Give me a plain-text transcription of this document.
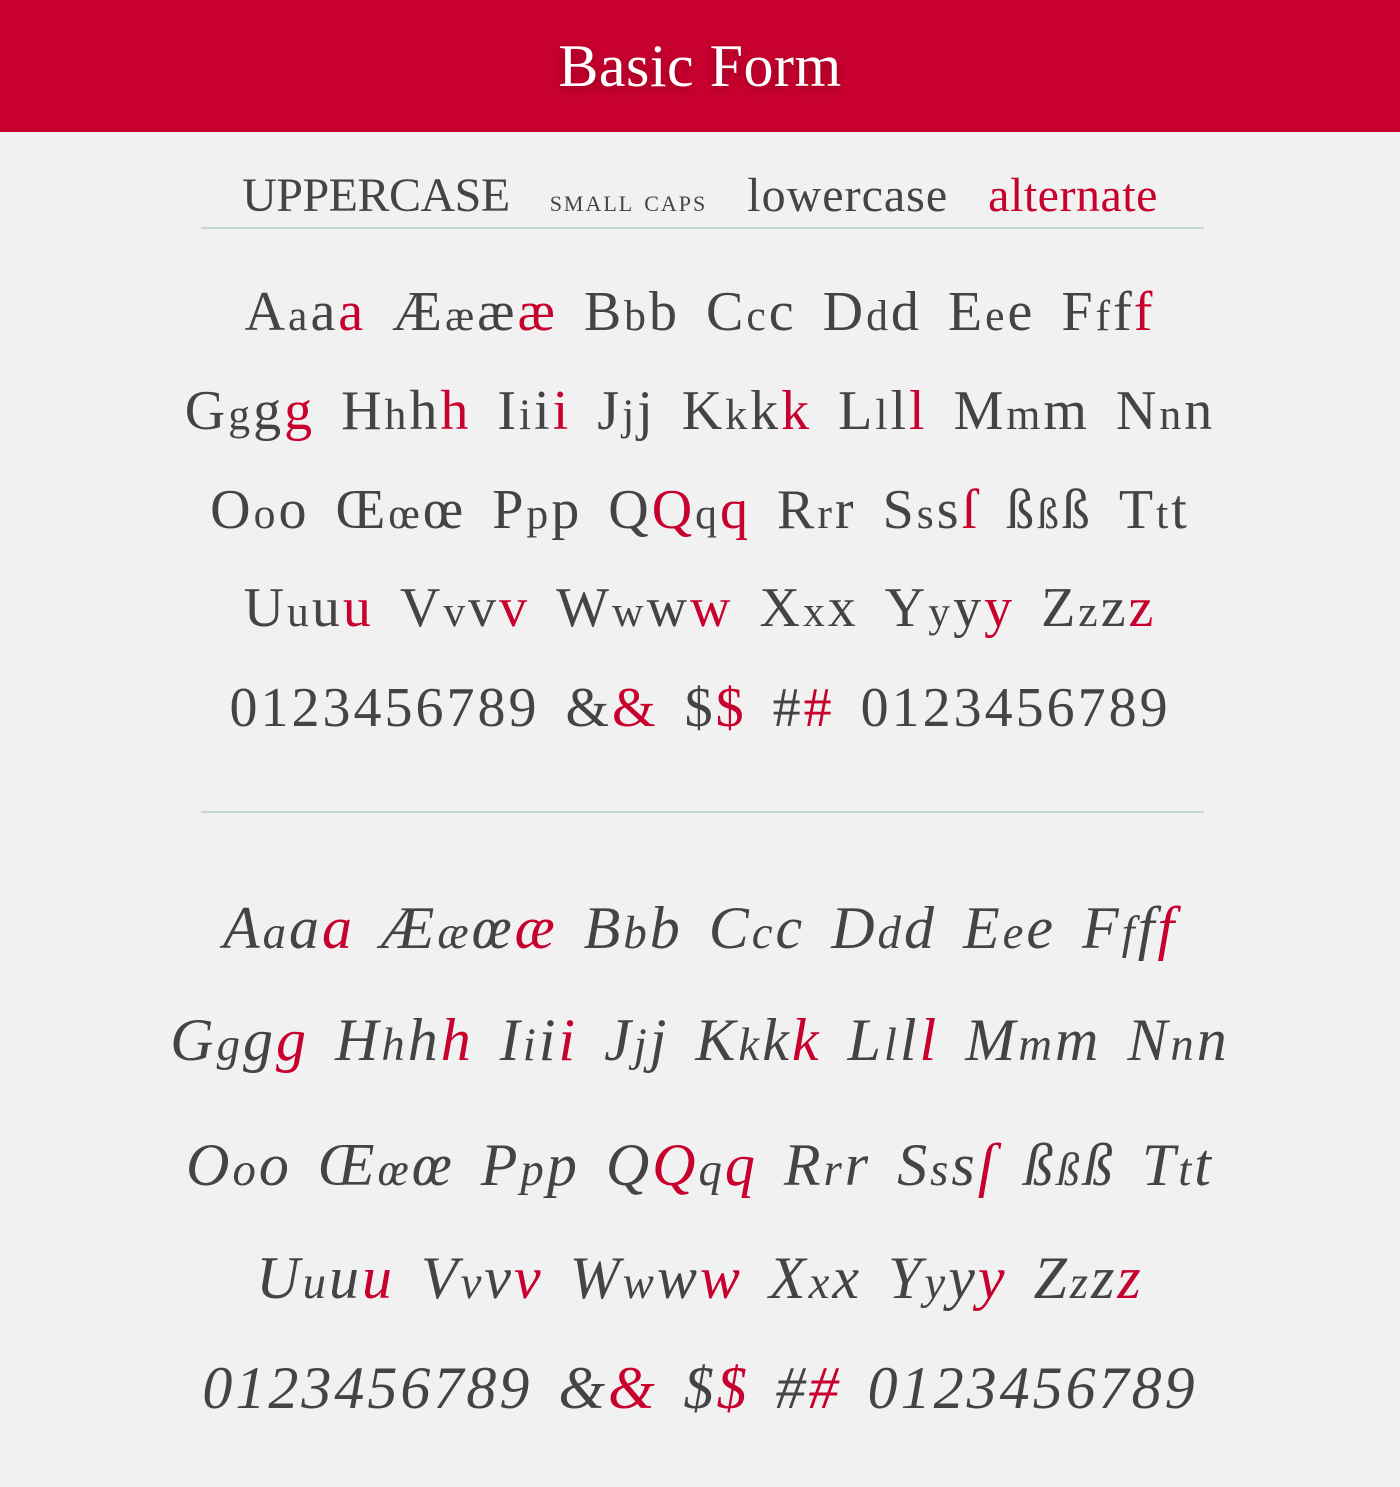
Basic Form
UPPERCASE small caps lowercase alternate
Aaaa Ææææ Bbb Ccc Ddd Eee Ffff
Gggg Hhhh Iiii Jjj Kkkk Llll Mmm Nnn
Ooo Œœœ Ppp QQqq Rrr Sssſ ßßß Ttt
Uuuu Vvvv Wwww Xxx Yyyy Zzzz
0123456789 && $$ ## 0123456789
Aaaa Ææœæ Bbb Ccc Ddd Eee Ffff
Gggg Hhhh Iiii Jjj Kkkk Llll Mmm Nnn
Ooo Œœœ Ppp QQqq Rrr Sssſ ßßß Ttt
Uuuu Vvvv Wwww Xxx Yyyy Zzzz
0123456789 && $$ ## 0123456789
